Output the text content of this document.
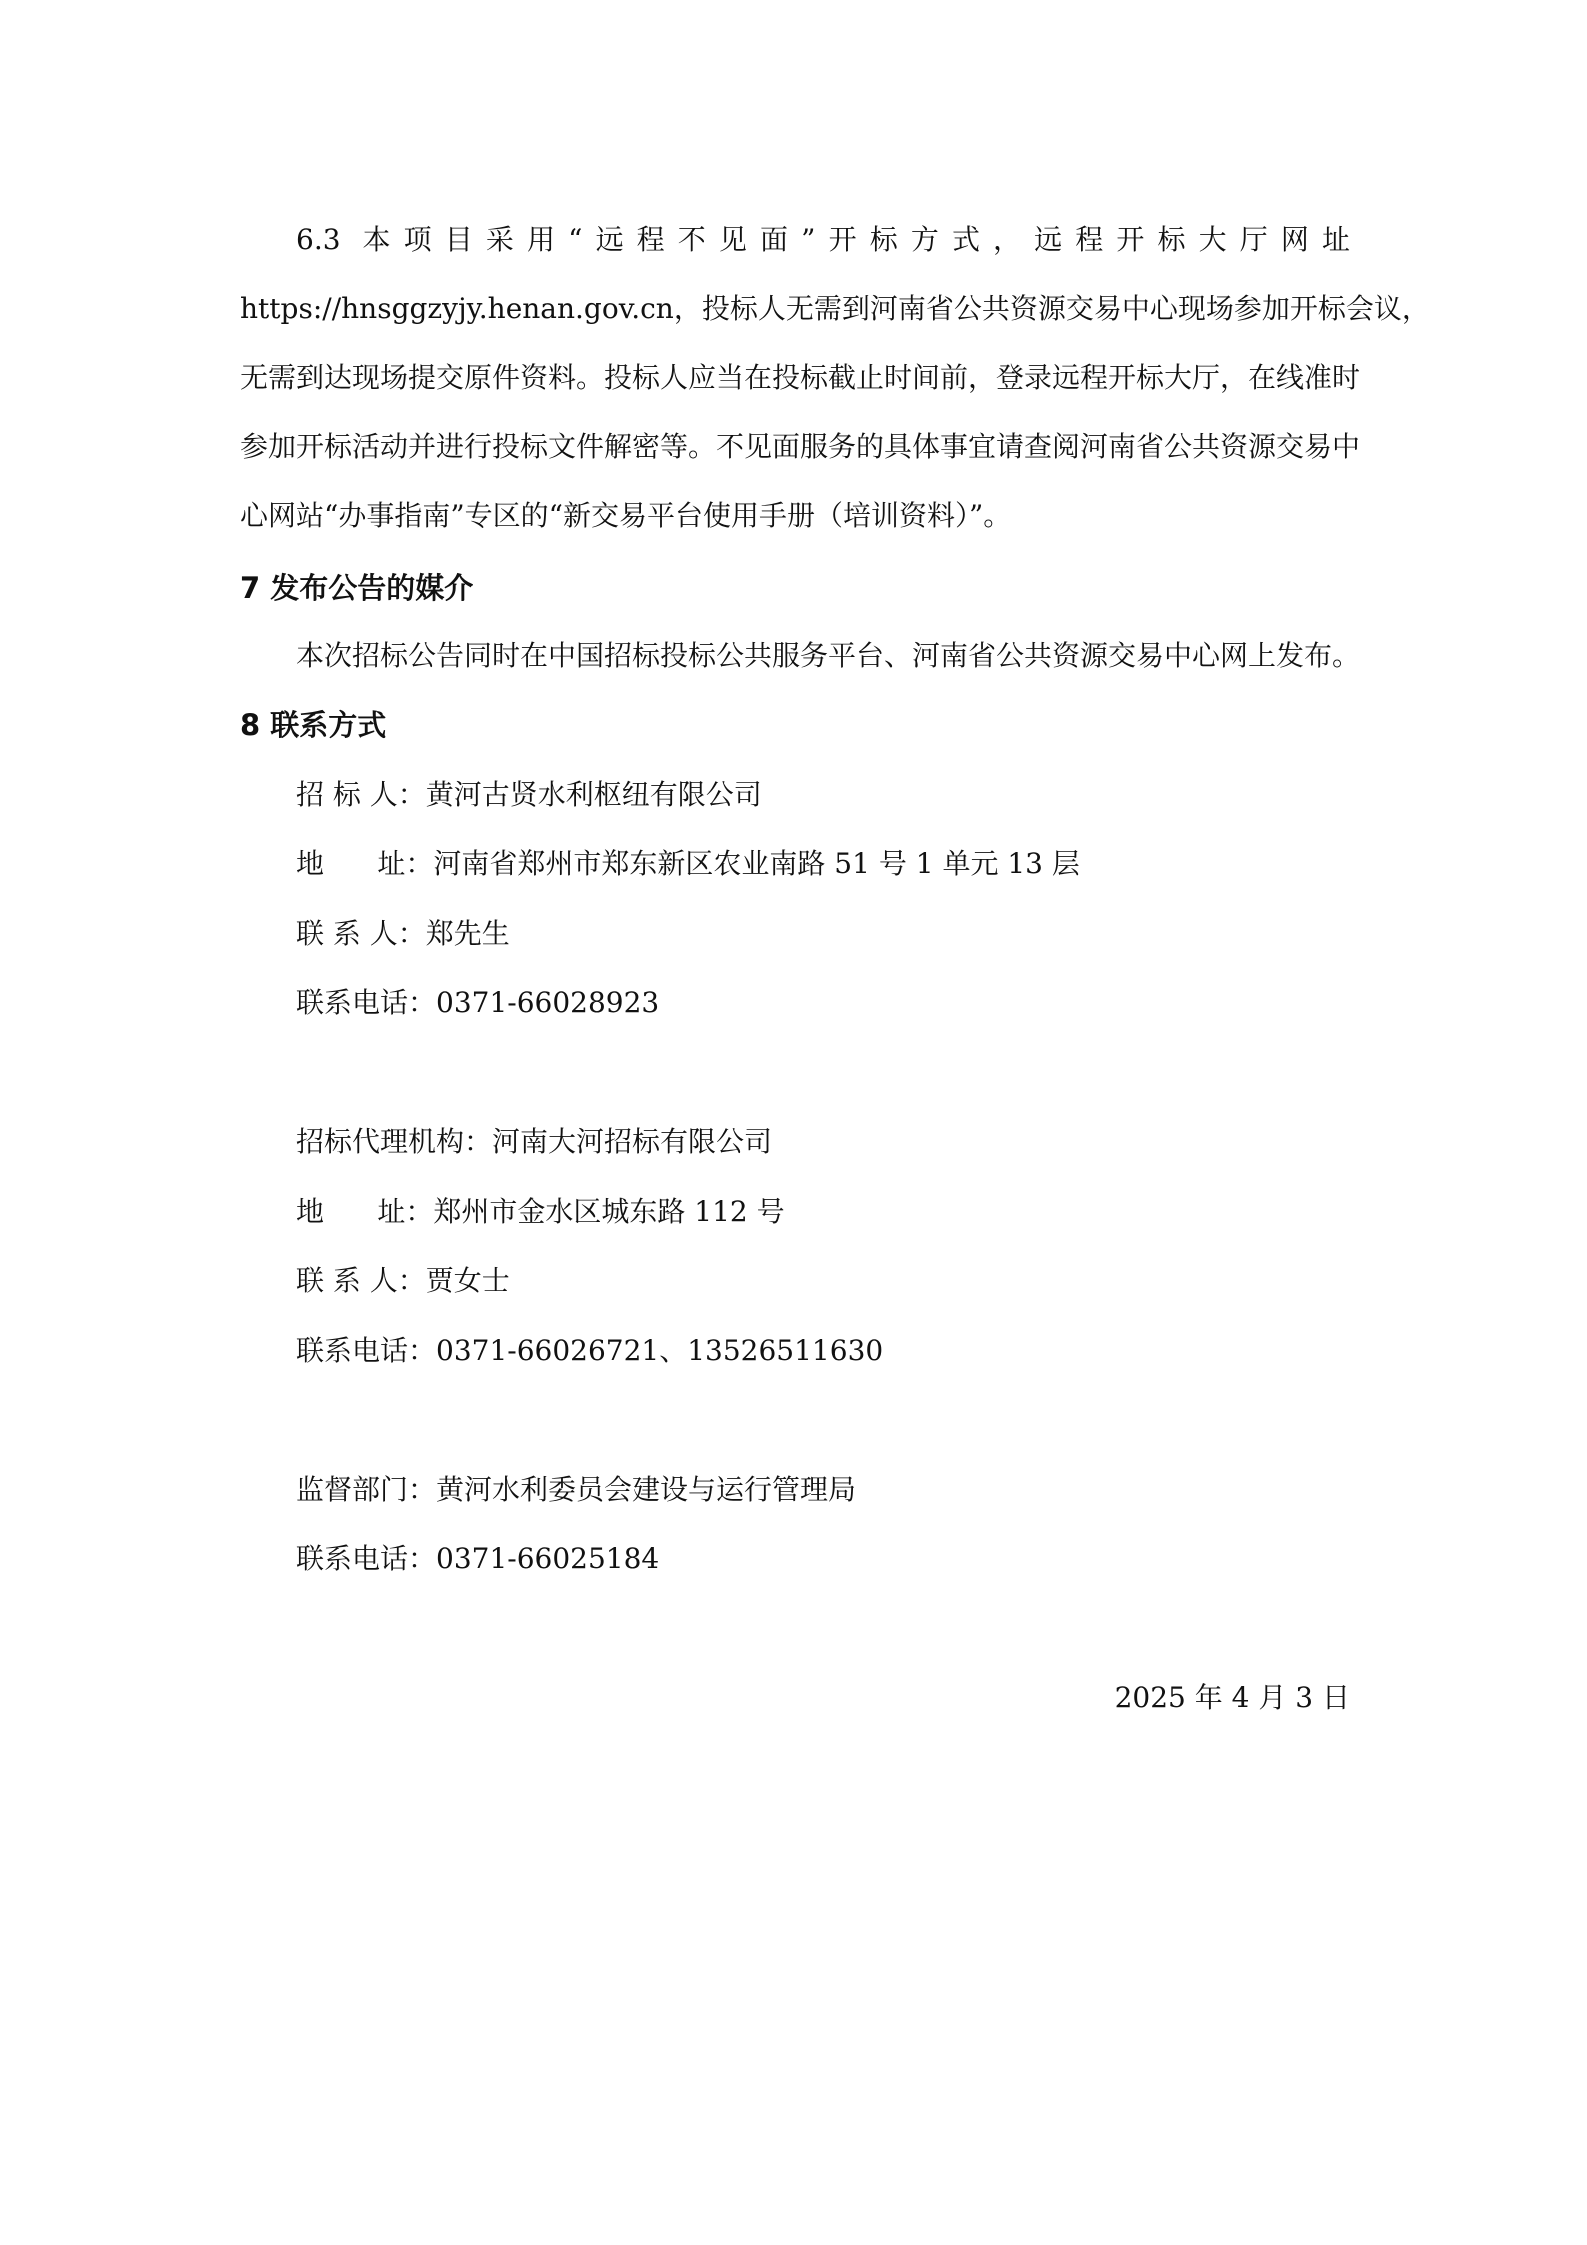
6.3 本项目采用“远程不见面”开标方式，远程开标大厅网址
https://hnsggzyjy.henan.gov.cn，投标人无需到河南省公共资源交易中心现场参加开标会议，
无需到达现场提交原件资料。投标人应当在投标截止时间前，登录远程开标大厅，在线准时
参加开标活动并进行投标文件解密等。不见面服务的具体事宜请查阅河南省公共资源交易中
心网站“办事指南”专区的“新交易平台使用手册（培训资料）”。
7 发布公告的媒介

本次招标公告同时在中国招标投标公共服务平台、河南省公共资源交易中心网上发布。

8 联系方式

招 标 人：黄河古贤水利枢纽有限公司

地      址：河南省郑州市郑东新区农业南路 51 号 1 单元 13 层

联 系 人：郑先生

联系电话：0371-66028923

招标代理机构：河南大河招标有限公司

地      址：郑州市金水区城东路 112 号

联 系 人：贾女士

联系电话：0371-66026721、13526511630

监督部门：黄河水利委员会建设与运行管理局

联系电话：0371-66025184

2025 年 4 月 3 日
